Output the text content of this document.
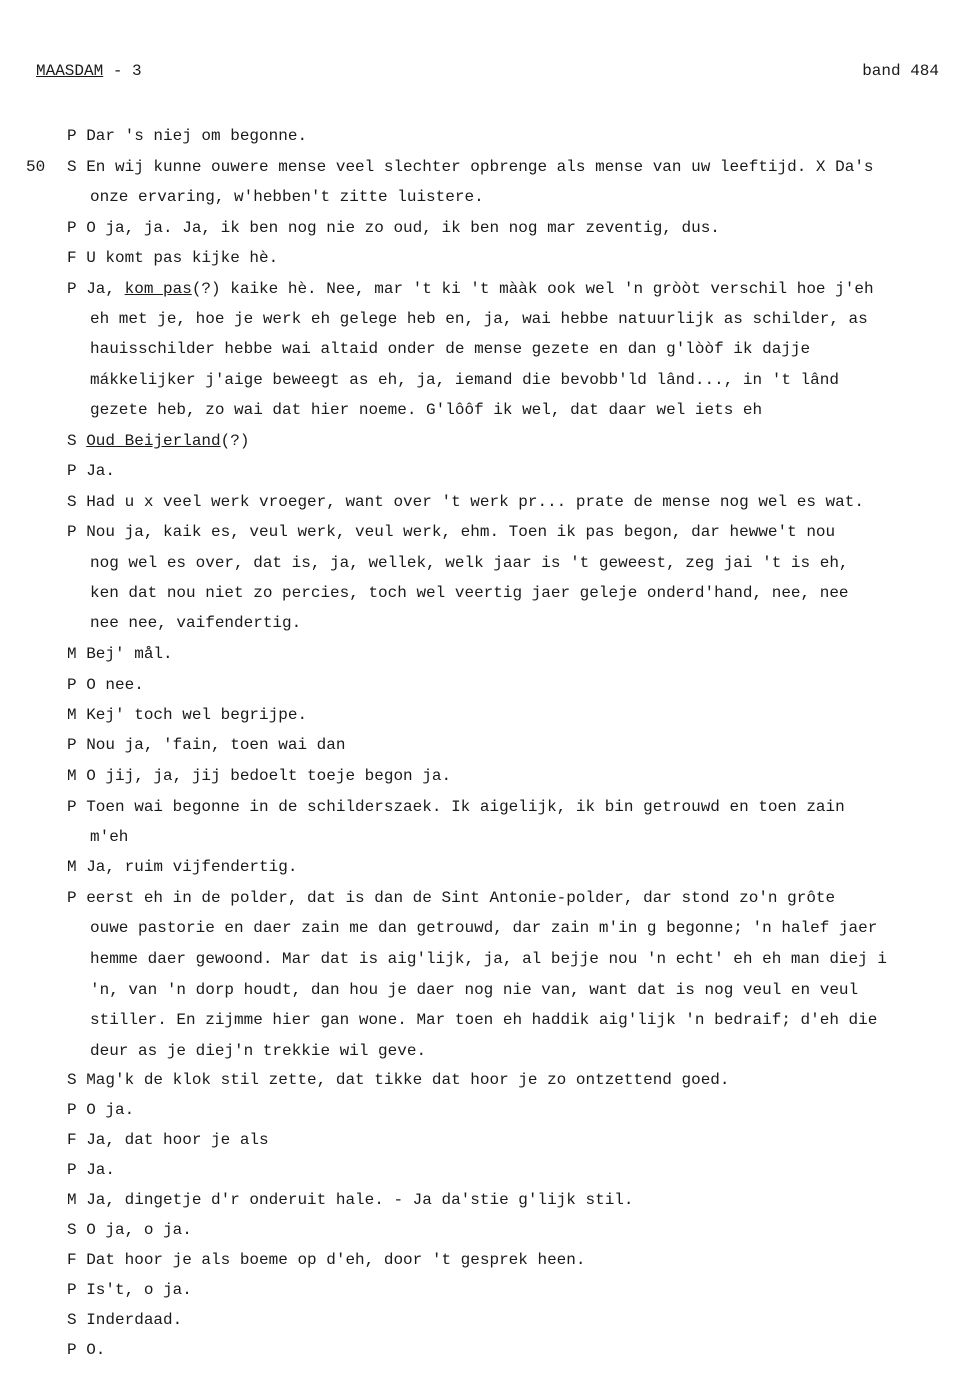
MAASDAM - 3	band 484
50
P Dar 's niej om begonne.
S En wij kunne ouwere mense veel slechter opbrenge als mense van uw leeftijd. X Da's
onze ervaring, w'hebben't zitte luistere.
P O ja, ja. Ja, ik ben nog nie zo oud, ik ben nog mar zeventig, dus.
F U komt pas kijke hè.
P Ja, kom pas(?) kaike hè. Nee, mar 't ki 't mààk ook wel 'n gròòt verschil hoe j'eh
eh met je, hoe je werk eh gelege heb en, ja, wai hebbe natuurlijk as schilder, as
hauisschilder hebbe wai altaid onder de mense gezete en dan g'lòòf ik dajje
mákkelijker j'aige beweegt as eh, ja, iemand die bevobb'ld lând..., in 't lând
gezete heb, zo wai dat hier noeme. G'lôôf ik wel, dat daar wel iets eh
S Oud Beijerland(?)
P Ja.
S Had u x veel werk vroeger, want over 't werk pr... prate de mense nog wel es wat.
P Nou ja, kaik es, veul werk, veul werk, ehm. Toen ik pas begon, dar hewwe't nou
nog wel es over, dat is, ja, wellek, welk jaar is 't geweest, zeg jai 't is eh,
ken dat nou niet zo percies, toch wel veertig jaer geleje onderd'hand, nee, nee
nee nee, vaifendertig.
M Bej' mål.
P O nee.
M Kej' toch wel begrijpe.
P Nou ja, 'fain, toen wai dan
M O jij, ja, jij bedoelt toeje begon ja.
P Toen wai begonne in de schilderszaek. Ik aigelijk, ik bin getrouwd en toen zain
m'eh
M Ja, ruim vijfendertig.
P eerst eh in de polder, dat is dan de Sint Antonie-polder, dar stond zo'n grôte
ouwe pastorie en daer zain me dan getrouwd, dar zain m'in g begonne; 'n halef jaer
hemme daer gewoond. Mar dat is aig'lijk, ja, al bejje nou 'n echt' eh eh man diej i
'n, van 'n dorp houdt, dan hou je daer nog nie van, want dat is nog veul en veul
stiller. En zijmme hier gan wone. Mar toen eh haddik aig'lijk 'n bedraif; d'eh die
deur as je diej'n trekkie wil geve.
S Mag'k de klok stil zette, dat tikke dat hoor je zo ontzettend goed.
P O ja.
F Ja, dat hoor je als
P Ja.
M Ja, dingetje d'r onderuit hale. - Ja da'stie g'lijk stil.
S O ja, o ja.
F Dat hoor je als boeme op d'eh, door 't gesprek heen.
P Is't, o ja.
S Inderdaad.
P O.
